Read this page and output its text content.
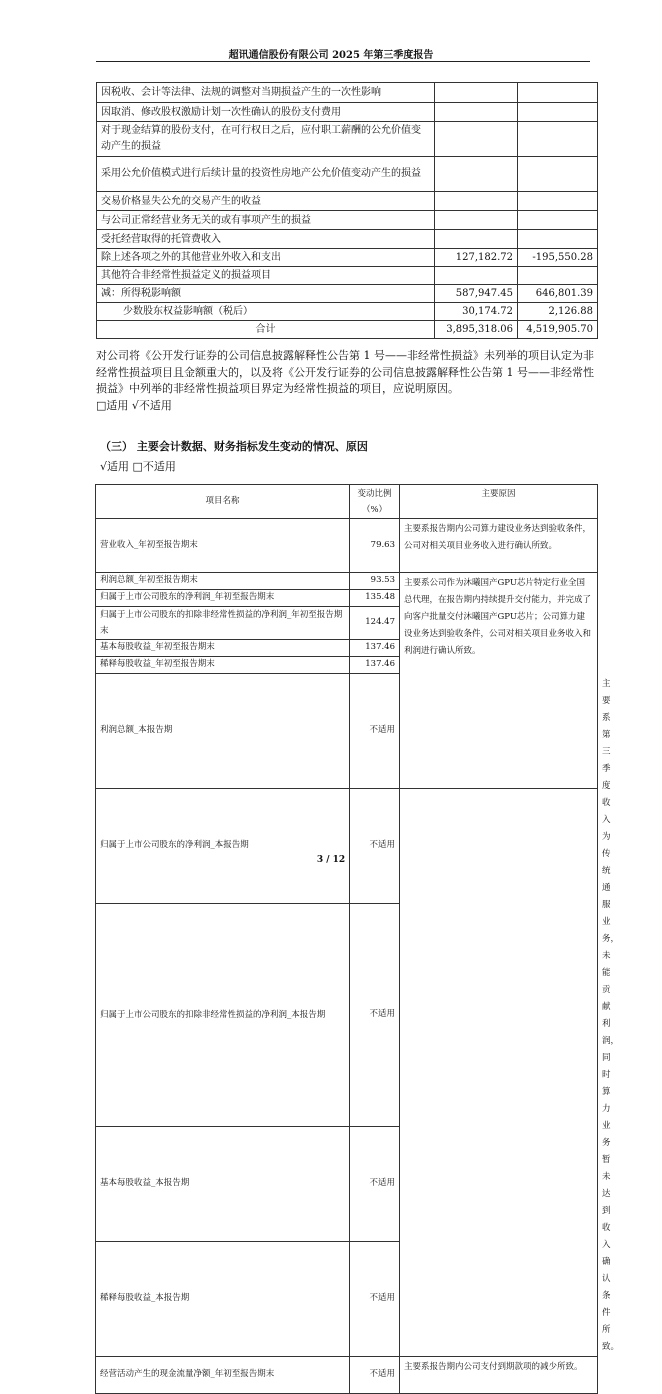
超讯通信股份有限公司 2025 年第三季度报告
因税收、会计等法律、法规的调整对当期损益产生的一次性影响		
因取消、修改股权激励计划一次性确认的股份支付费用		
对于现金结算的股份支付，在可行权日之后，应付职工薪酬的公允价值变动产生的损益		
采用公允价值模式进行后续计量的投资性房地产公允价值变动产生的损益		
交易价格显失公允的交易产生的收益		
与公司正常经营业务无关的或有事项产生的损益		
受托经营取得的托管费收入		
除上述各项之外的其他营业外收入和支出	127,182.72	-195,550.28
其他符合非经常性损益定义的损益项目		
减：所得税影响额	587,947.45	646,801.39
少数股东权益影响额（税后）	30,174.72	2,126.88
合计	3,895,318.06	4,519,905.70
对公司将《公开发行证券的公司信息披露解释性公告第 1 号——非经常性损益》未列举的项目认定为非经常性损益项目且金额重大的，以及将《公开发行证券的公司信息披露解释性公告第 1 号——非经常性损益》中列举的非经常性损益项目界定为经常性损益的项目，应说明原因。
□适用 √不适用
（三） 主要会计数据、财务指标发生变动的情况、原因
√适用 □不适用
项目名称	变动比例（%）	主要原因	
营业收入_年初至报告期末	79.63	主要系报告期内公司算力建设业务达到验收条件，公司对相关项目业务收入进行确认所致。	
利润总额_年初至报告期末	93.53	主要系公司作为沐曦国产GPU芯片特定行业全国总代理，在报告期内持续提升交付能力，并完成了向客户批量交付沐曦国产GPU芯片；公司算力建设业务达到验收条件，公司对相关项目业务收入和利润进行确认所致。	
归属于上市公司股东的净利润_年初至报告期末	135.48		
归属于上市公司股东的扣除非经常性损益的净利润_年初至报告期末	124.47		
基本每股收益_年初至报告期末	137.46		
稀释每股收益_年初至报告期末	137.46		
利润总额_本报告期	不适用		主要系第三季度收入为传统通服业务，未能贡献利润，同时算力业务暂未达到收入确认条件所致。
归属于上市公司股东的净利润_本报告期	不适用		
归属于上市公司股东的扣除非经常性损益的净利润_本报告期	不适用		
基本每股收益_本报告期	不适用		
稀释每股收益_本报告期	不适用		
经营活动产生的现金流量净额_年初至报告期末	不适用	主要系报告期内公司支付到期款项的减少所致。	
3 / 12
